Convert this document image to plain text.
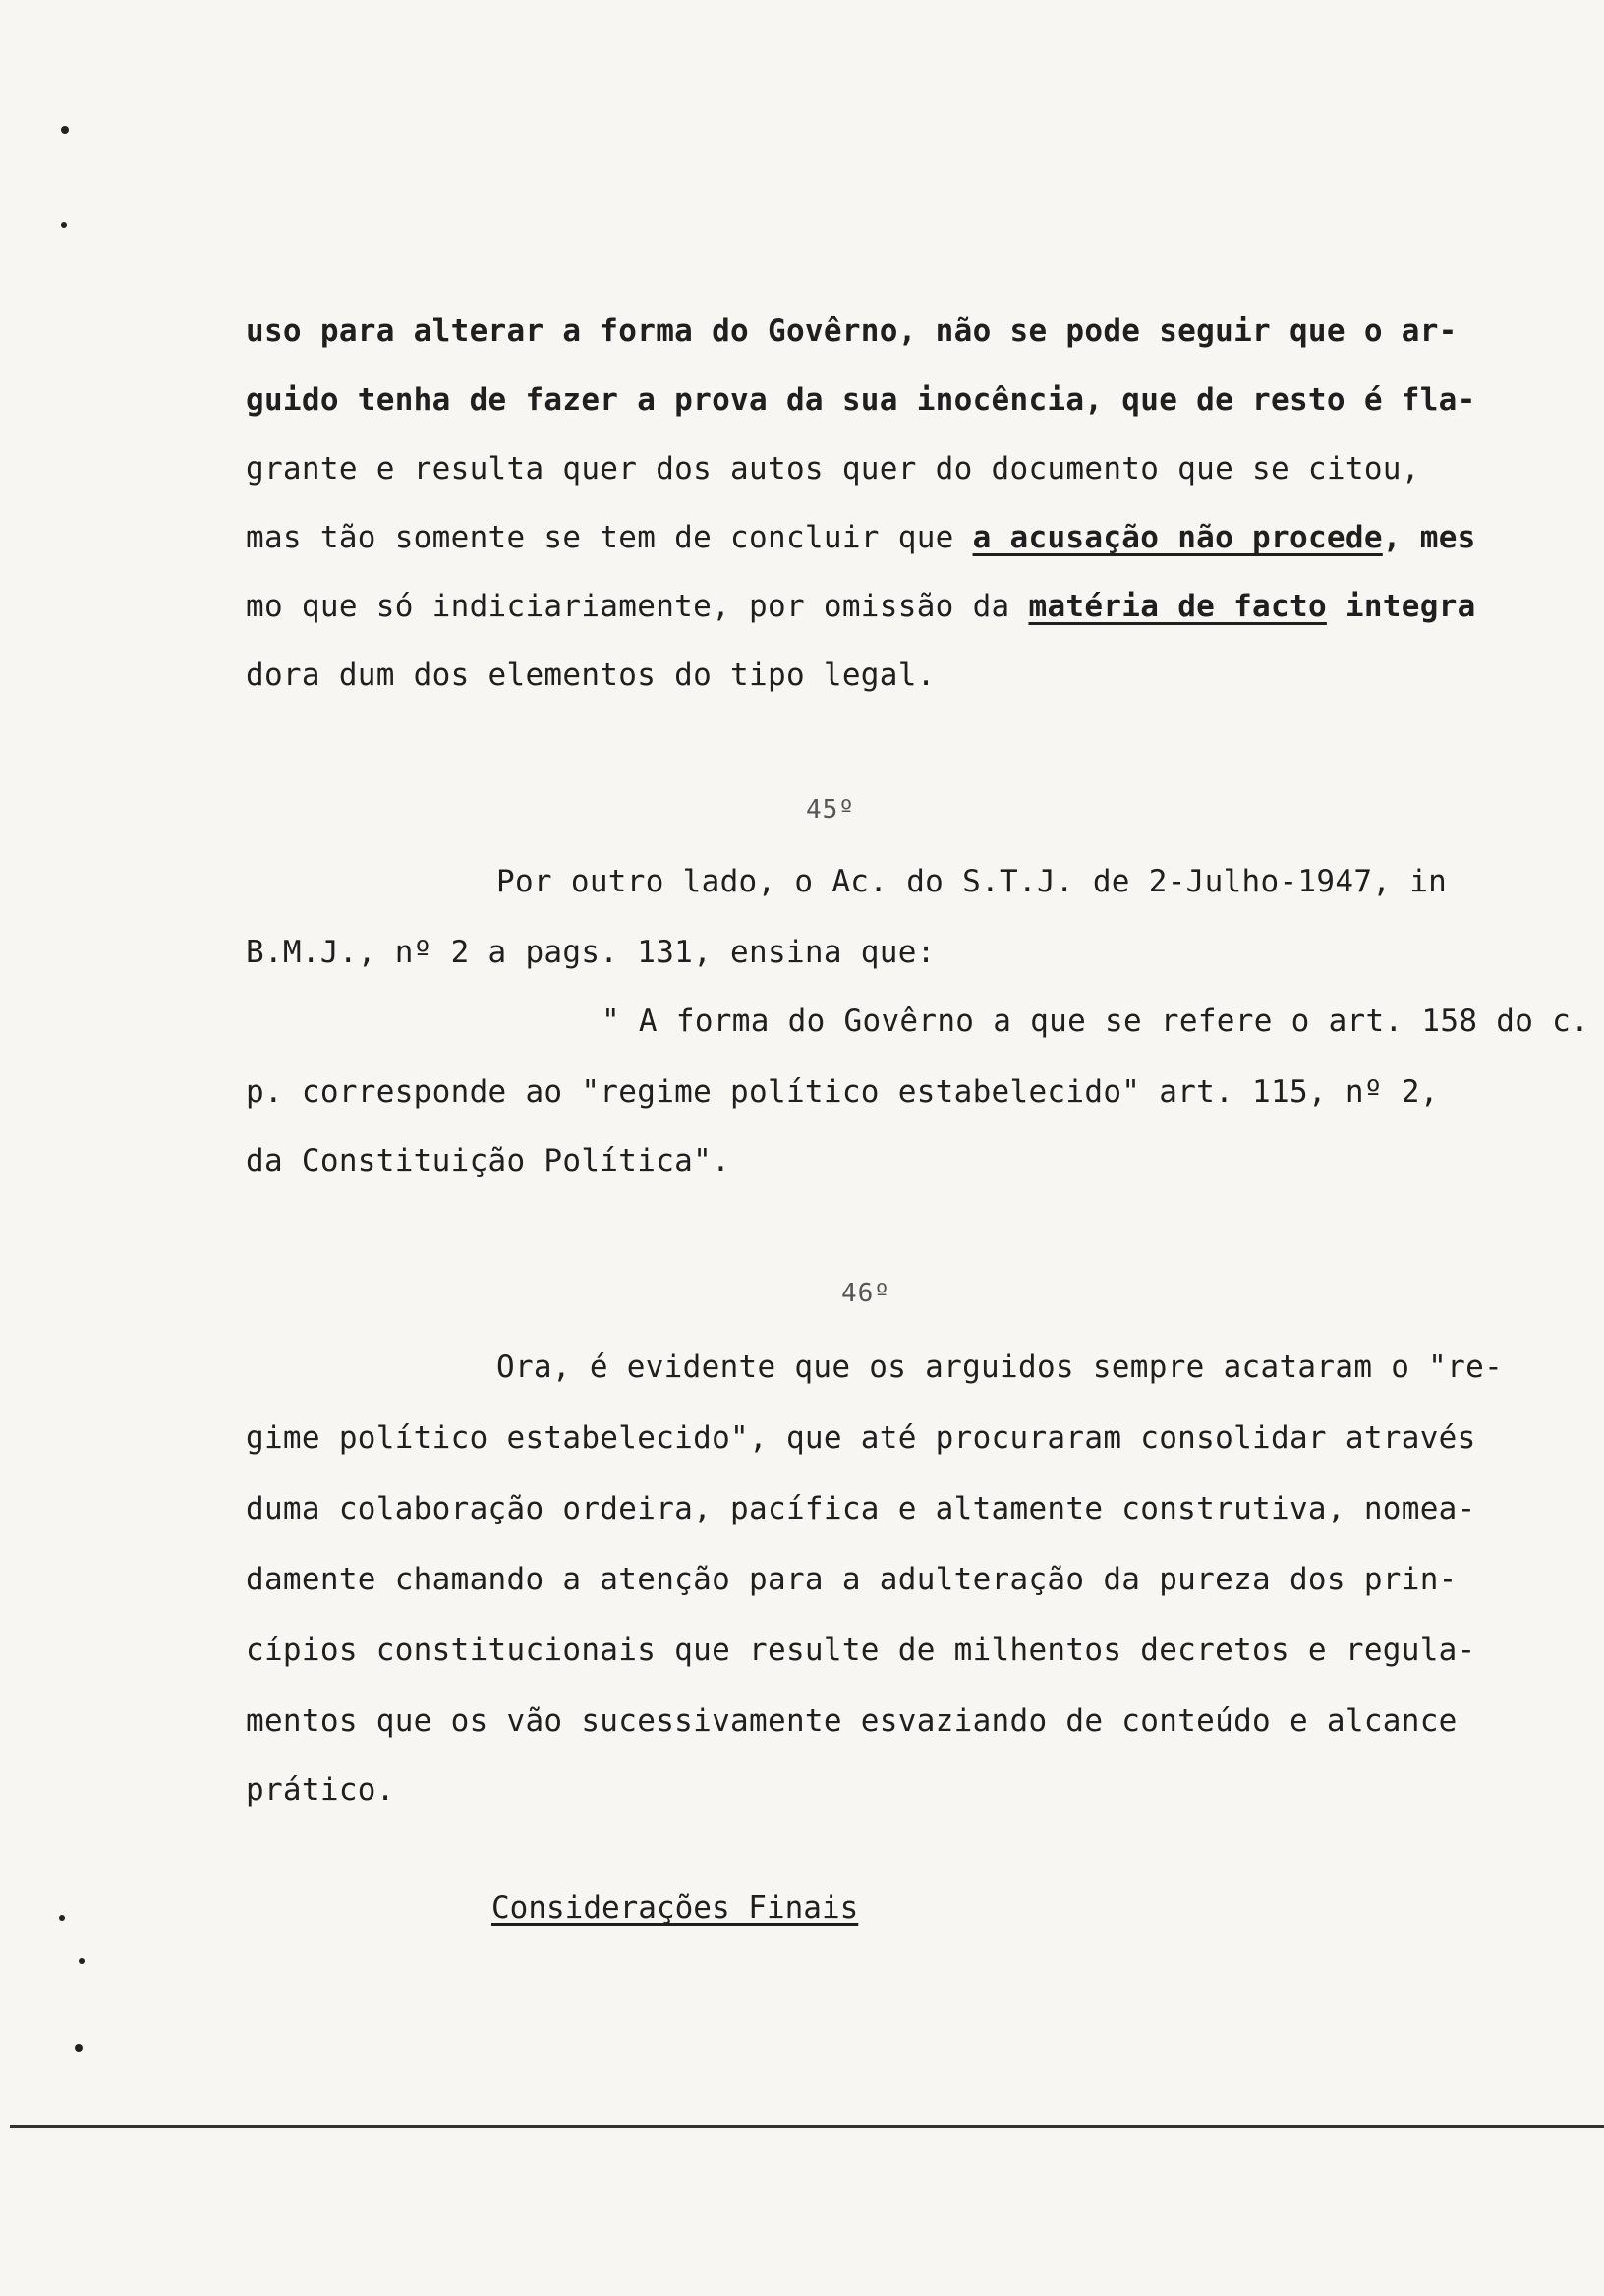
uso para alterar a forma do Govêrno, não se pode seguir que o ar-
guido tenha de fazer a prova da sua inocência, que de resto é fla-
grante e resulta quer dos autos quer do documento que se citou,
mas tão somente se tem de concluir que a acusação não procede, mes
mo que só indiciariamente, por omissão da matéria de facto integra
dora dum dos elementos do tipo legal.
45º
Por outro lado, o Ac. do S.T.J. de 2-Julho-1947, in
B.M.J., nº 2 a pags. 131, ensina que:
" A forma do Govêrno a que se refere o art. 158 do c.
p. corresponde ao "regime político estabelecido" art. 115, nº 2,
da Constituição Política".
46º
Ora, é evidente que os arguidos sempre acataram o "re-
gime político estabelecido", que até procuraram consolidar através
duma colaboração ordeira, pacífica e altamente construtiva, nomea-
damente chamando a atenção para a adulteração da pureza dos prin-
cípios constitucionais que resulte de milhentos decretos e regula-
mentos que os vão sucessivamente esvaziando de conteúdo e alcance
prático.
Considerações Finais
